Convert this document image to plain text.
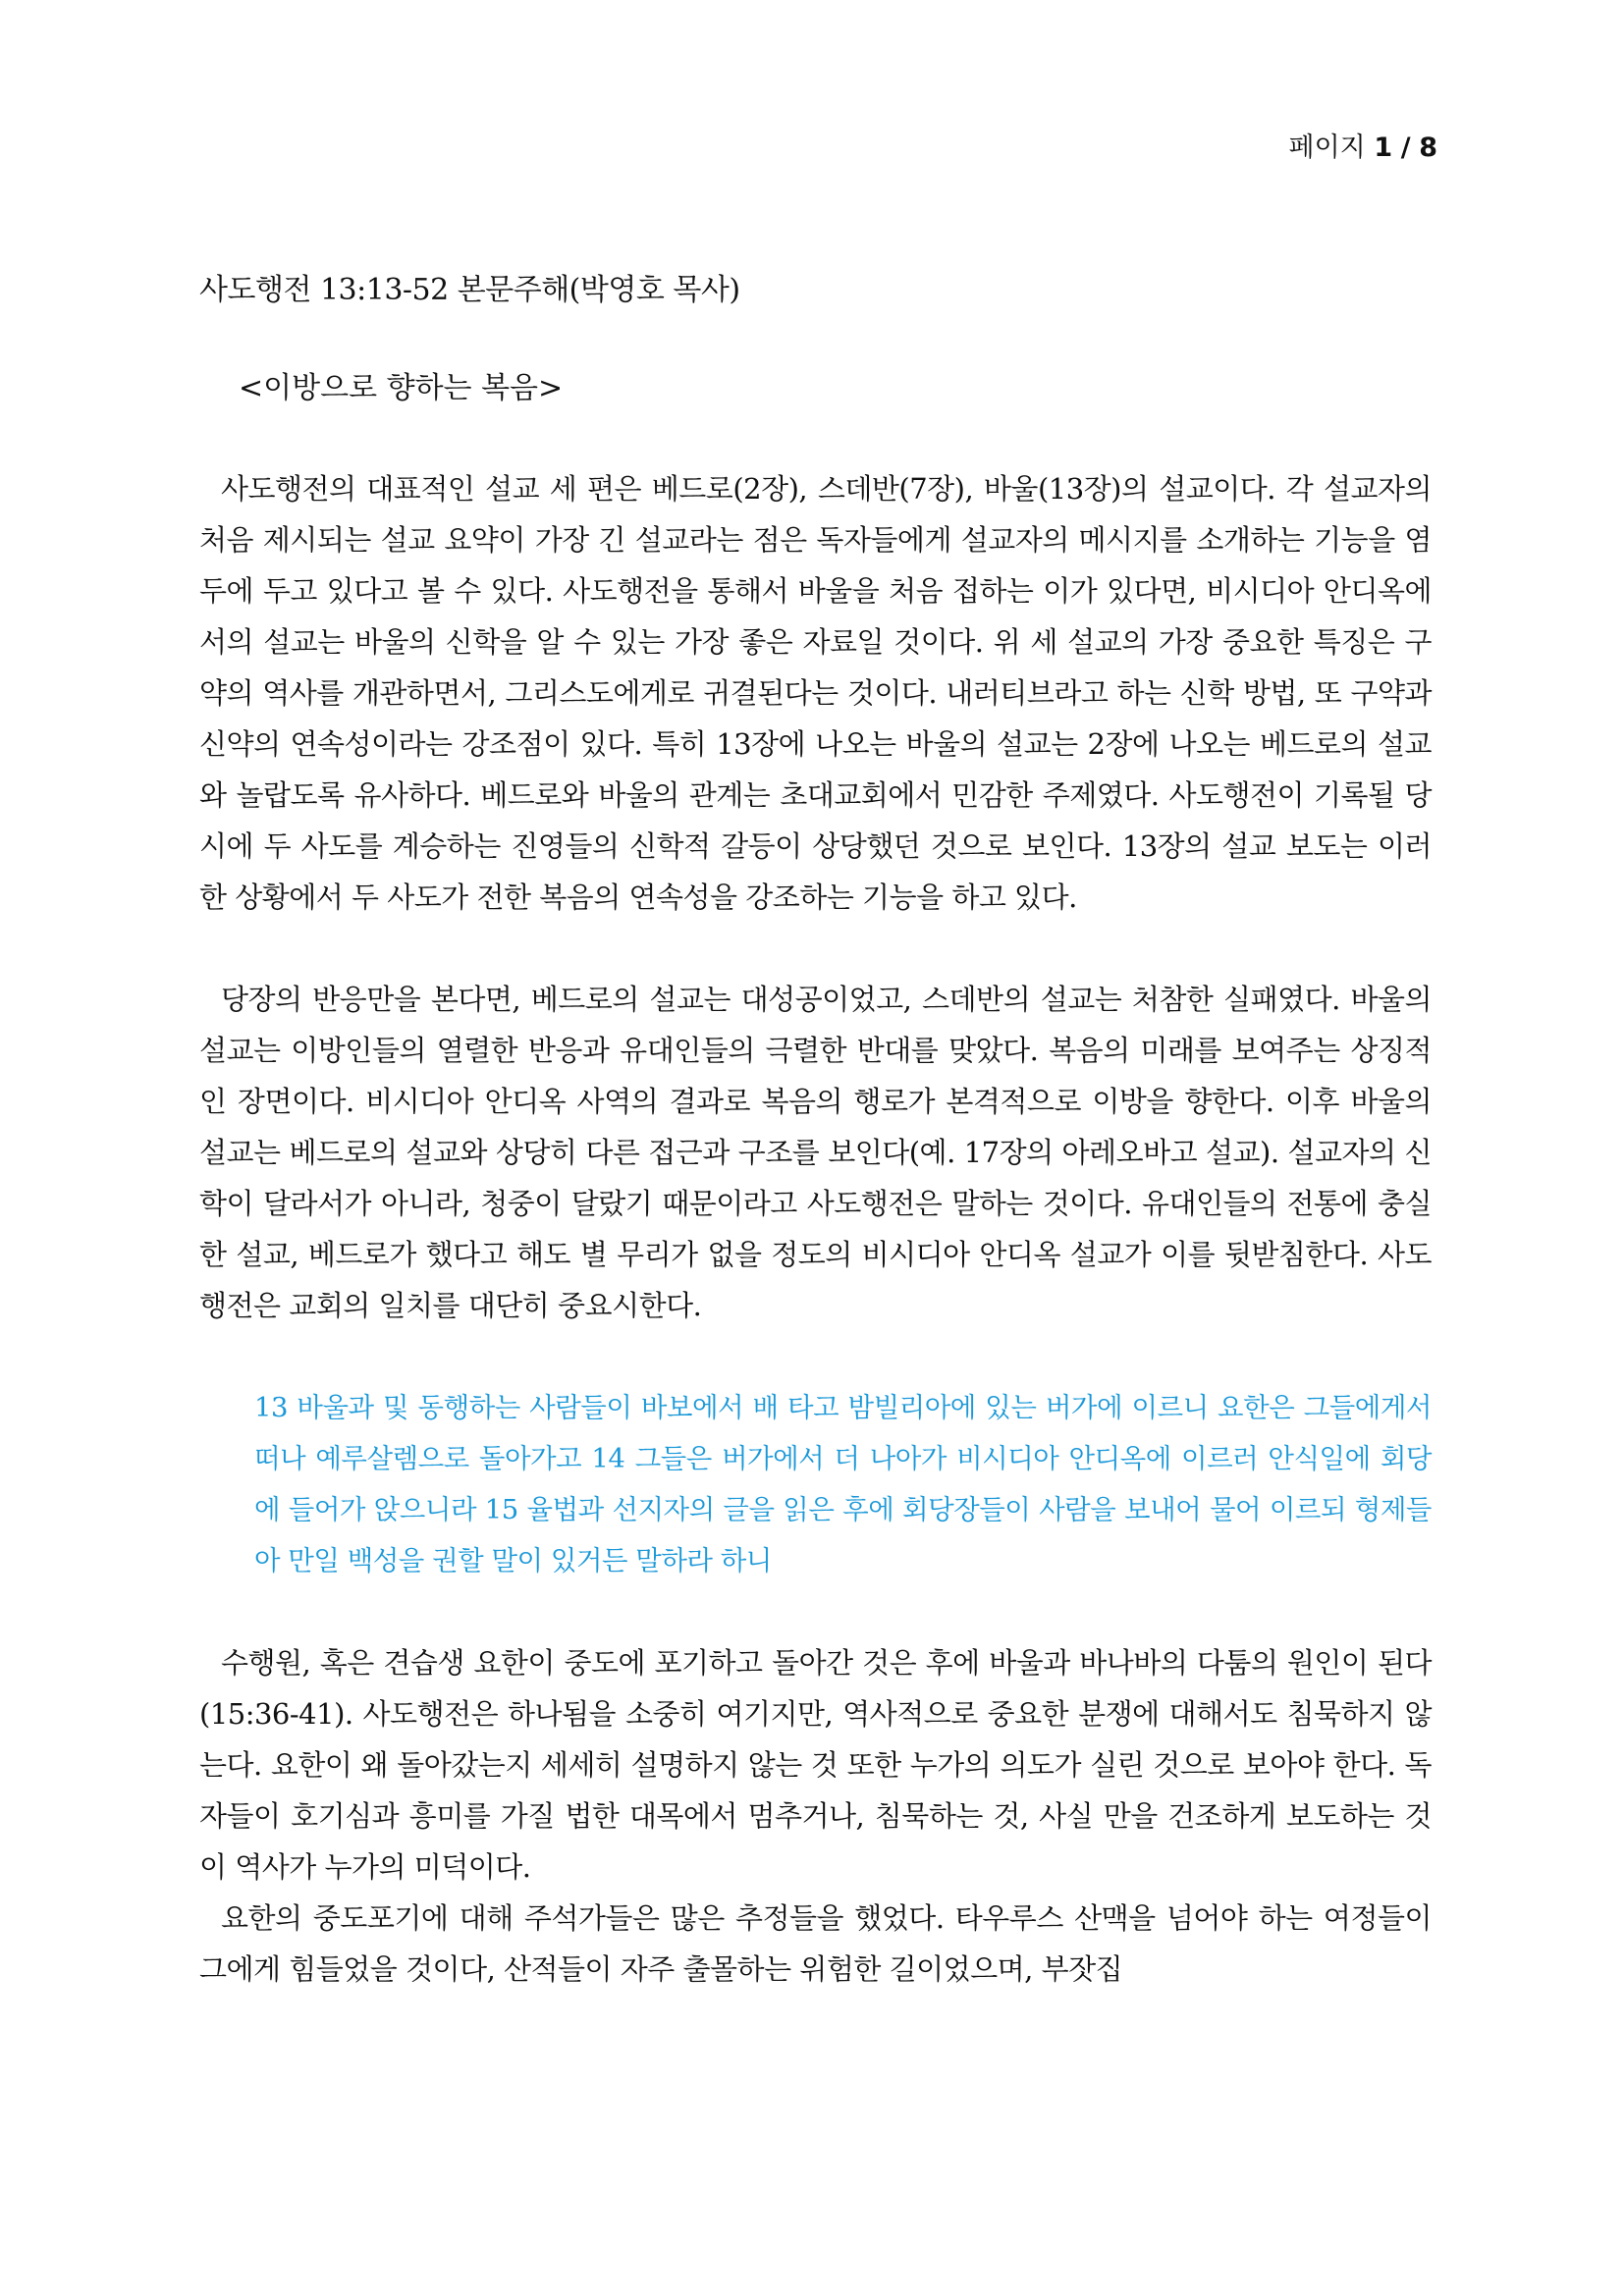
페이지 1 / 8
사도행전 13:13-52 본문주해(박영호 목사)
<이방으로 향하는 복음>

사도행전의 대표적인 설교 세 편은 베드로(2장), 스데반(7장), 바울(13장)의 설교이다. 각 설교자의 처음 제시되는 설교 요약이 가장 긴 설교라는 점은 독자들에게 설교자의 메시지를 소개하는 기능을 염두에 두고 있다고 볼 수 있다. 사도행전을 통해서 바울을 처음 접하는 이가 있다면, 비시디아 안디옥에서의 설교는 바울의 신학을 알 수 있는 가장 좋은 자료일 것이다. 위 세 설교의 가장 중요한 특징은 구약의 역사를 개관하면서, 그리스도에게로 귀결된다는 것이다. 내러티브라고 하는 신학 방법, 또 구약과 신약의 연속성이라는 강조점이 있다. 특히 13장에 나오는 바울의 설교는 2장에 나오는 베드로의 설교와 놀랍도록 유사하다. 베드로와 바울의 관계는 초대교회에서 민감한 주제였다. 사도행전이 기록될 당시에 두 사도를 계승하는 진영들의 신학적 갈등이 상당했던 것으로 보인다. 13장의 설교 보도는 이러한 상황에서 두 사도가 전한 복음의 연속성을 강조하는 기능을 하고 있다.

당장의 반응만을 본다면, 베드로의 설교는 대성공이었고, 스데반의 설교는 처참한 실패였다. 바울의 설교는 이방인들의 열렬한 반응과 유대인들의 극렬한 반대를 맞았다. 복음의 미래를 보여주는 상징적인 장면이다. 비시디아 안디옥 사역의 결과로 복음의 행로가 본격적으로 이방을 향한다. 이후 바울의 설교는 베드로의 설교와 상당히 다른 접근과 구조를 보인다(예. 17장의 아레오바고 설교). 설교자의 신학이 달라서가 아니라, 청중이 달랐기 때문이라고 사도행전은 말하는 것이다. 유대인들의 전통에 충실한 설교, 베드로가 했다고 해도 별 무리가 없을 정도의 비시디아 안디옥 설교가 이를 뒷받침한다. 사도행전은 교회의 일치를 대단히 중요시한다.

13 바울과 및 동행하는 사람들이 바보에서 배 타고 밤빌리아에 있는 버가에 이르니 요한은 그들에게서 떠나 예루살렘으로 돌아가고 14 그들은 버가에서 더 나아가 비시디아 안디옥에 이르러 안식일에 회당에 들어가 앉으니라 15 율법과 선지자의 글을 읽은 후에 회당장들이 사람을 보내어 물어 이르되 형제들아 만일 백성을 권할 말이 있거든 말하라 하니

수행원, 혹은 견습생 요한이 중도에 포기하고 돌아간 것은 후에 바울과 바나바의 다툼의 원인이 된다(15:36-41). 사도행전은 하나됨을 소중히 여기지만, 역사적으로 중요한 분쟁에 대해서도 침묵하지 않는다. 요한이 왜 돌아갔는지 세세히 설명하지 않는 것 또한 누가의 의도가 실린 것으로 보아야 한다. 독자들이 호기심과 흥미를 가질 법한 대목에서 멈추거나, 침묵하는 것, 사실 만을 건조하게 보도하는 것이 역사가 누가의 미덕이다.

요한의 중도포기에 대해 주석가들은 많은 추정들을 했었다. 타우루스 산맥을 넘어야 하는 여정들이 그에게 힘들었을 것이다, 산적들이 자주 출몰하는 위험한 길이었으며, 부잣집
